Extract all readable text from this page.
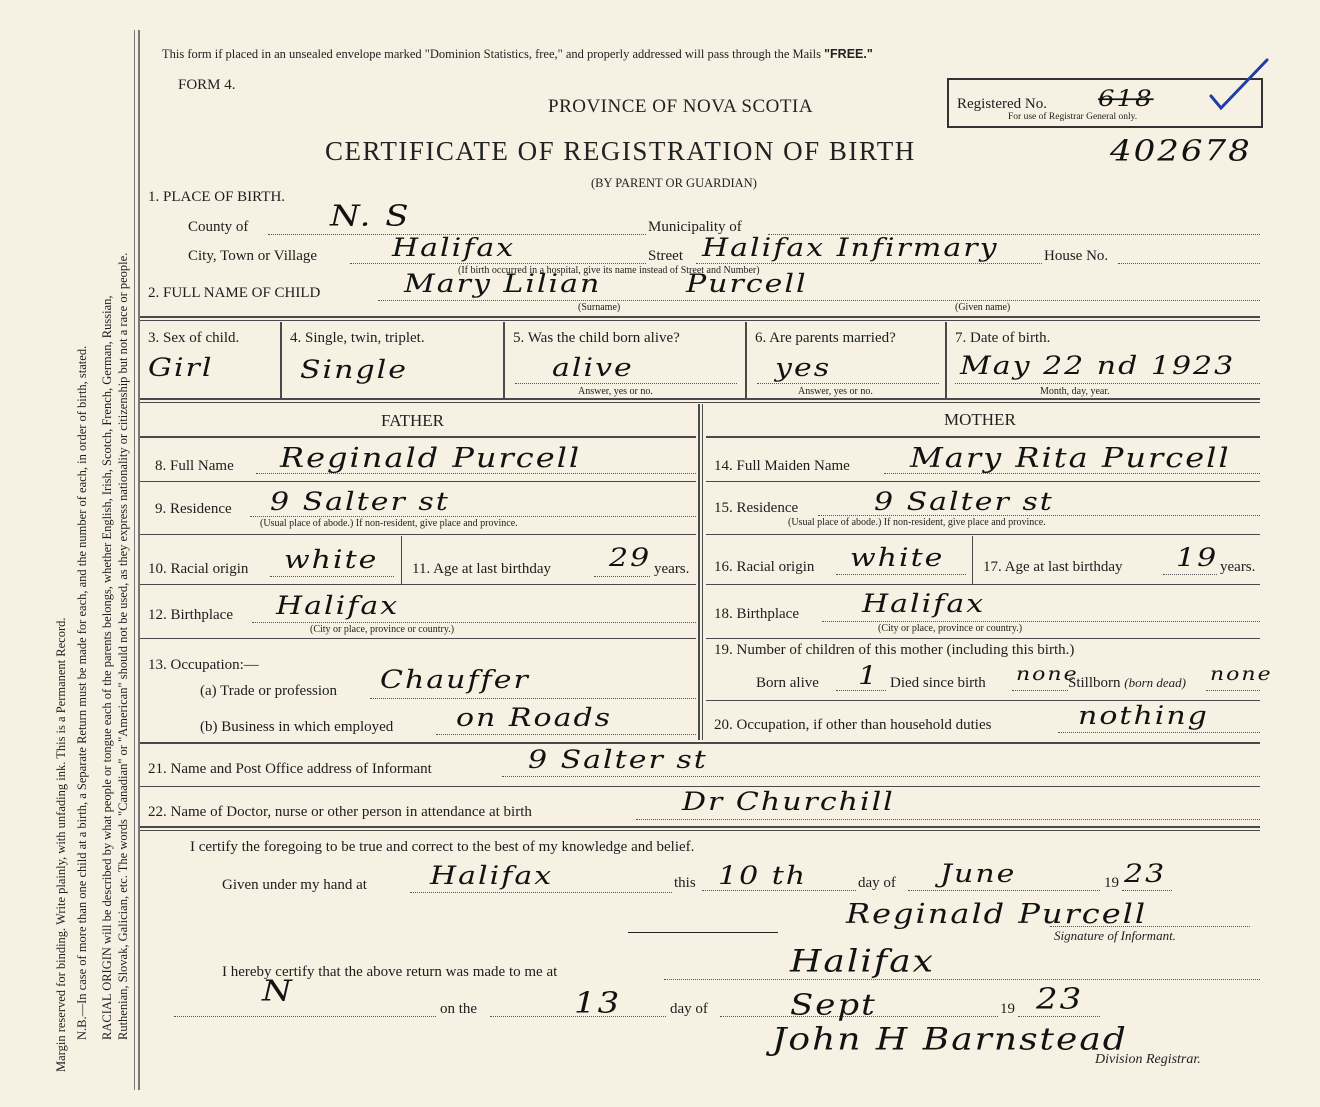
RACIAL ORIGIN will be described by what people or tongue each of the parents belongs, whether English, Irish, Scotch, French, German, Russian, Ruthenian, Slovak, Galician, etc. The words "Canadian" or "American" should not be used, as they express nationality or citizenship but not a race or people.
N.B.—In case of more than one child at a birth, a Separate Return must be made for each, and the number of each, in order of birth, stated.
Margin reserved for binding. Write plainly, with unfading ink. This is a Permanent Record.
This form if placed in an unsealed envelope marked "Dominion Statistics, free," and properly addressed will pass through the Mails "FREE."
FORM 4.
PROVINCE OF NOVA SCOTIA	Registered No. 618
For use of Registrar General only.
CERTIFICATE OF REGISTRATION OF BIRTH	402678
(BY PARENT OR GUARDIAN)
1. PLACE OF BIRTH.
County of N. S	Municipality of
City, Town or Village Halifax	Street Halifax Infirmary	House No.
(If birth occurred in a hospital, give its name instead of Street and Number)
2. FULL NAME OF CHILD	Mary Lilian	Purcell
(Surname)	(Given name)
3. Sex of child.
Girl
4. Single, twin, triplet.
Single
5. Was the child born alive?
alive
Answer, yes or no.
6. Are parents married?
yes
Answer, yes or no.
7. Date of birth.
May 22 nd 1923
Month, day, year.
FATHER	MOTHER
8. Full Name Reginald Purcell
9. Residence 9 Salter st
(Usual place of abode.) If non-resident, give place and province.
10. Racial origin white 11. Age at last birthday 29 years.
12. Birthplace Halifax
(City or place, province or country.)
13. Occupation:—
(a) Trade or profession Chauffer
(b) Business in which employed on Roads
14. Full Maiden Name Mary Rita Purcell
15. Residence	9 Salter st
(Usual place of abode.) If non-resident, give place and province.
16. Racial origin white	17. Age at last birthday 19 years.
18. Birthplace Halifax
(City or place, province or country.)
19. Number of children of this mother (including this birth.)
Born alive 1 Died since birth none
Stillborn (born dead) none
20. Occupation, if other than household duties	nothing
21. Name and Post Office address of Informant	9 Salter st
22. Name of Doctor, nurse or other person in attendance at birth	Dr Churchill
I certify the foregoing to be true and correct to the best of my knowledge and belief.
Given under my hand at Halifax	this 10 th	day of June	19 23
Reginald Purcell
Signature of Informant.
I hereby certify that the above return was made to me at	Halifax
N
on the	13	day of Sept	19 23
John H Barnstead
Division Registrar.
